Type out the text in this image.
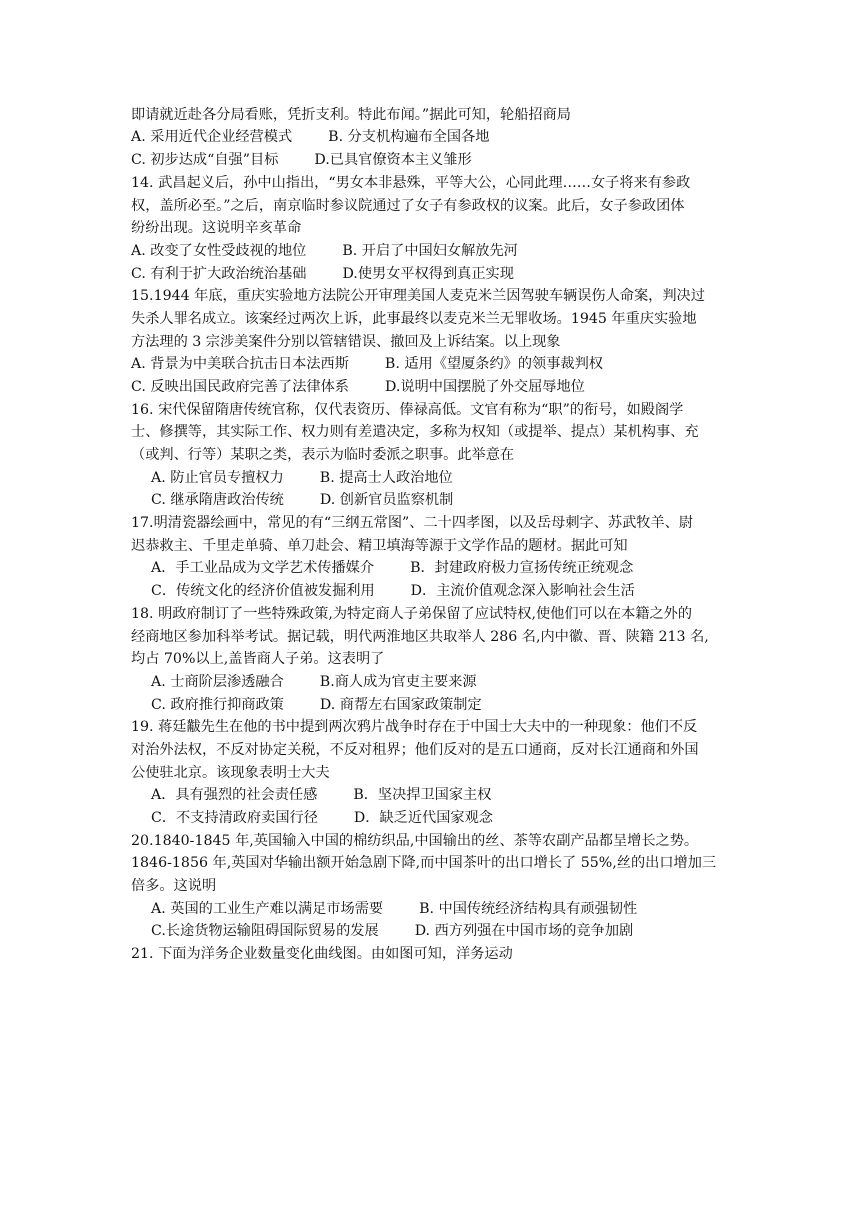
即请就近赴各分局看账，凭折支利。特此布闻。”据此可知，轮船招商局
A. 采用近代企业经营模式	B. 分支机构遍布全国各地
C. 初步达成“自强”目标	D.已具官僚资本主义雏形
14. 武昌起义后，孙中山指出，“男女本非悬殊，平等大公，心同此理……女子将来有参政
权，盖所必至。”之后，南京临时参议院通过了女子有参政权的议案。此后，女子参政团体
纷纷出现。这说明辛亥革命
A. 改变了女性受歧视的地位	B. 开启了中国妇女解放先河
C. 有利于扩大政治统治基础	D.使男女平权得到真正实现
15.1944 年底，重庆实验地方法院公开审理美国人麦克米兰因驾驶车辆误伤人命案，判决过
失杀人罪名成立。该案经过两次上诉，此事最终以麦克米兰无罪收场。1945 年重庆实验地
方法理的 3 宗涉美案件分别以管辖错误、撤回及上诉结案。以上现象
A. 背景为中美联合抗击日本法西斯	B. 适用《望厦条约》的领事裁判权
C. 反映出国民政府完善了法律体系	D.说明中国摆脱了外交屈辱地位
16. 宋代保留隋唐传统官称，仅代表资历、俸禄高低。文官有称为“职”的衔号，如殿阁学
士、修撰等，其实际工作、权力则有差遣决定，多称为权知（或提举、提点）某机构事、充
（或判、行等）某职之类，表示为临时委派之职事。此举意在
A. 防止官员专擅权力	B. 提高士人政治地位
C. 继承隋唐政治传统	D. 创新官员监察机制
17.明清瓷器绘画中，常见的有“三纲五常图”、二十四孝图，以及岳母刺字、苏武牧羊、尉
迟恭救主、千里走单骑、单刀赴会、精卫填海等源于文学作品的题材。据此可知
A．手工业品成为文学艺术传播媒介	B．封建政府极力宣扬传统正统观念
C．传统文化的经济价值被发掘利用	D．主流价值观念深入影响社会生活
18. 明政府制订了一些特殊政策,为特定商人子弟保留了应试特权,使他们可以在本籍之外的
经商地区参加科举考试。据记载，明代两淮地区共取举人 286 名,内中徽、晋、陕籍 213 名,
均占 70%以上,盖皆商人子弟。这表明了
A. 士商阶层渗透融合	B.商人成为官吏主要来源
C. 政府推行抑商政策	D. 商帮左右国家政策制定
19. 蒋廷黻先生在他的书中提到两次鸦片战争时存在于中国士大夫中的一种现象：他们不反
对治外法权，不反对协定关税，不反对租界；他们反对的是五口通商，反对长江通商和外国
公使驻北京。该现象表明士大夫
A．具有强烈的社会责任感	B．坚决捍卫国家主权
C．不支持清政府卖国行径	D．缺乏近代国家观念
20.1840-1845 年,英国输入中国的棉纺织品,中国输出的丝、茶等农副产品都呈增长之势。
1846-1856 年,英国对华输出额开始急剧下降,而中国茶叶的出口增长了 55%,丝的出口增加三
倍多。这说明
A. 英国的工业生产难以满足市场需要	B. 中国传统经济结构具有顽强韧性
C.长途货物运输阻碍国际贸易的发展	D. 西方列强在中国市场的竞争加剧
21. 下面为洋务企业数量变化曲线图。由如图可知，洋务运动
